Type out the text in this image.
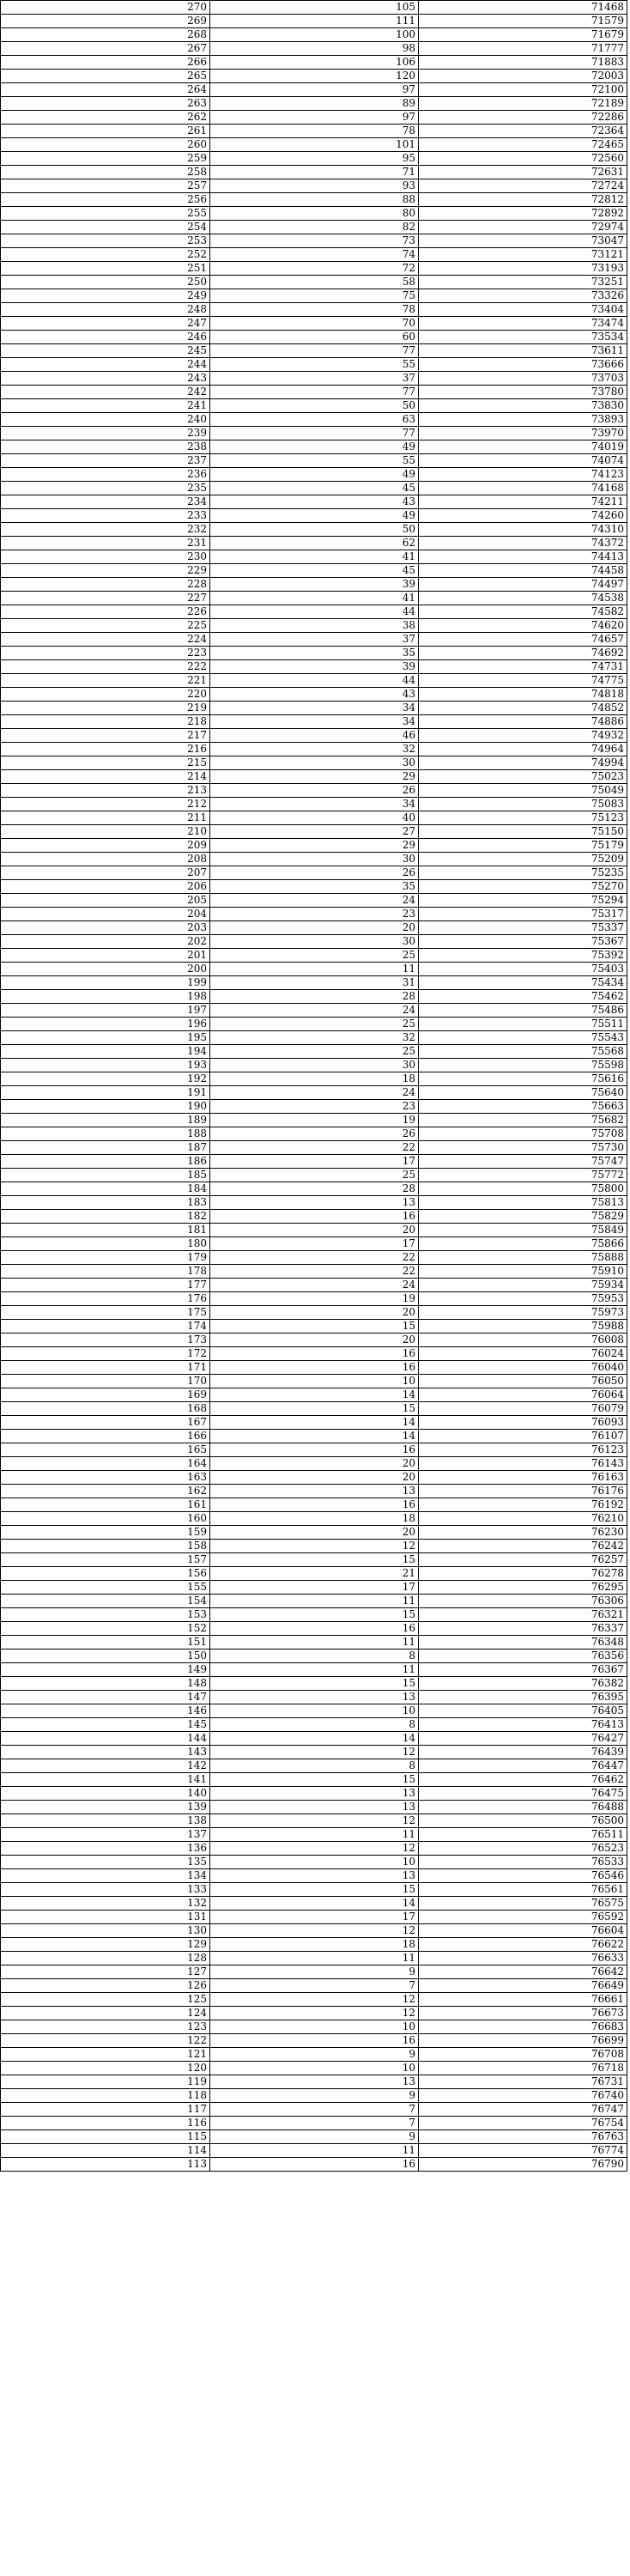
270	105	71468
269	111	71579
268	100	71679
267	98	71777
266	106	71883
265	120	72003
264	97	72100
263	89	72189
262	97	72286
261	78	72364
260	101	72465
259	95	72560
258	71	72631
257	93	72724
256	88	72812
255	80	72892
254	82	72974
253	73	73047
252	74	73121
251	72	73193
250	58	73251
249	75	73326
248	78	73404
247	70	73474
246	60	73534
245	77	73611
244	55	73666
243	37	73703
242	77	73780
241	50	73830
240	63	73893
239	77	73970
238	49	74019
237	55	74074
236	49	74123
235	45	74168
234	43	74211
233	49	74260
232	50	74310
231	62	74372
230	41	74413
229	45	74458
228	39	74497
227	41	74538
226	44	74582
225	38	74620
224	37	74657
223	35	74692
222	39	74731
221	44	74775
220	43	74818
219	34	74852
218	34	74886
217	46	74932
216	32	74964
215	30	74994
214	29	75023
213	26	75049
212	34	75083
211	40	75123
210	27	75150
209	29	75179
208	30	75209
207	26	75235
206	35	75270
205	24	75294
204	23	75317
203	20	75337
202	30	75367
201	25	75392
200	11	75403
199	31	75434
198	28	75462
197	24	75486
196	25	75511
195	32	75543
194	25	75568
193	30	75598
192	18	75616
191	24	75640
190	23	75663
189	19	75682
188	26	75708
187	22	75730
186	17	75747
185	25	75772
184	28	75800
183	13	75813
182	16	75829
181	20	75849
180	17	75866
179	22	75888
178	22	75910
177	24	75934
176	19	75953
175	20	75973
174	15	75988
173	20	76008
172	16	76024
171	16	76040
170	10	76050
169	14	76064
168	15	76079
167	14	76093
166	14	76107
165	16	76123
164	20	76143
163	20	76163
162	13	76176
161	16	76192
160	18	76210
159	20	76230
158	12	76242
157	15	76257
156	21	76278
155	17	76295
154	11	76306
153	15	76321
152	16	76337
151	11	76348
150	8	76356
149	11	76367
148	15	76382
147	13	76395
146	10	76405
145	8	76413
144	14	76427
143	12	76439
142	8	76447
141	15	76462
140	13	76475
139	13	76488
138	12	76500
137	11	76511
136	12	76523
135	10	76533
134	13	76546
133	15	76561
132	14	76575
131	17	76592
130	12	76604
129	18	76622
128	11	76633
127	9	76642
126	7	76649
125	12	76661
124	12	76673
123	10	76683
122	16	76699
121	9	76708
120	10	76718
119	13	76731
118	9	76740
117	7	76747
116	7	76754
115	9	76763
114	11	76774
113	16	76790
